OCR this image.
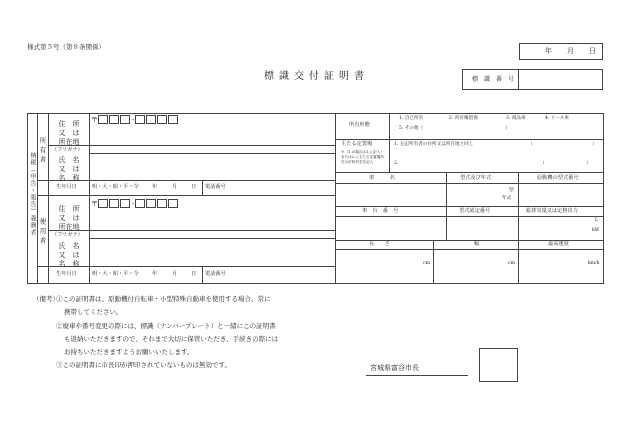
様式第５号（第８条関係）	年 月 日
標識交付証明書	標　識　番　号
納税（申告・報告）義務者
所有者
使用者
住　所
又　は
所在地
〒	-
（フリガナ）
氏　名
又　は
名　称
生年月日	明・大・昭・平・令	年	月	日 電話番号
住　所
又　は
所在地
〒	-
（フリガナ）
氏　名
又　は
名　称
生年月日	明・大・昭・平・令	年	月	日 電話番号
所有形態
1. 自己所有	2. 所有権留保	3. 商品車	4. リース車
5. その他（	）
主たる定置場
※（1.の場合は1.に記入）または2.に主たる定置場所在の市町村名を記入
1. 左記所有者の住所又は所在地と同じ	（	）
2.	（	）
車　　　名	型式及び年式	原動機の型式番号
型
年式
車　台　番　号	型式認定番号	総排気量又は定格出力
L
kW
長　　さ	幅	最高速度
cm	cm	km/h
（備考）
①この証明書は、原動機付自転車・小型特殊自動車を使用する場合、常に
携帯してください。
②廃車や番号変更の際には、標識（ナンバープレート）と一緒にこの証明書
も返納いただきますので、それまで大切に保管いただき、手続きの際には
お持ちいただきますようお願いいたします。
③この証明書に市長印が押印されていないものは無効です。	宮城県富谷市長
